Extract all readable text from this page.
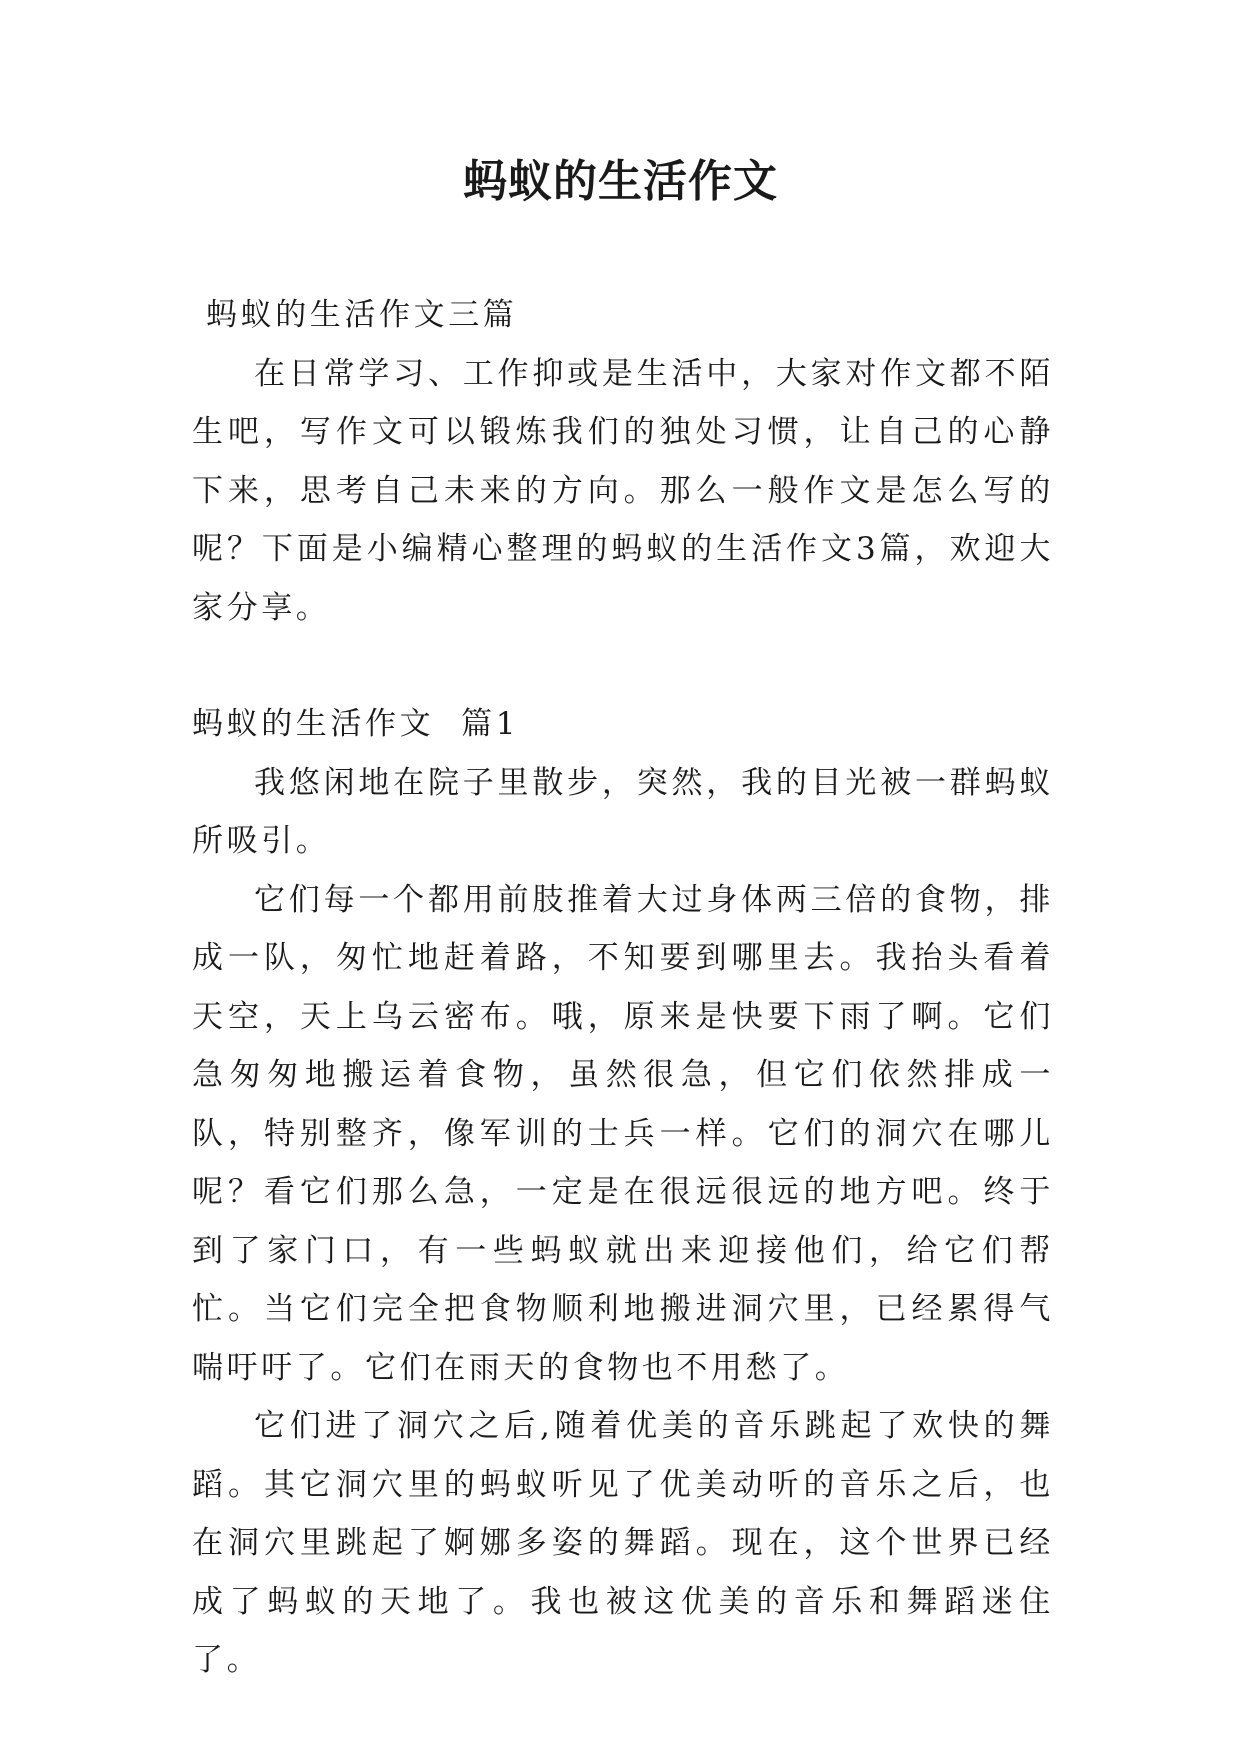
蚂蚁的生活作文

蚂蚁的生活作文三篇

在日常学习、工作抑或是生活中，大家对作文都不陌生吧，写作文可以锻炼我们的独处习惯，让自己的心静下来，思考自己未来的方向。那么一般作文是怎么写的呢？下面是小编精心整理的蚂蚁的生活作文3篇，欢迎大家分享。

蚂蚁的生活作文  篇1

我悠闲地在院子里散步，突然，我的目光被一群蚂蚁所吸引。

它们每一个都用前肢推着大过身体两三倍的食物，排成一队，匆忙地赶着路，不知要到哪里去。我抬头看着天空，天上乌云密布。哦，原来是快要下雨了啊。它们急匆匆地搬运着食物，虽然很急，但它们依然排成一队，特别整齐，像军训的士兵一样。它们的洞穴在哪儿呢？看它们那么急，一定是在很远很远的地方吧。终于到了家门口，有一些蚂蚁就出来迎接他们，给它们帮忙。当它们完全把食物顺利地搬进洞穴里，已经累得气喘吁吁了。它们在雨天的食物也不用愁了。

它们进了洞穴之后,随着优美的音乐跳起了欢快的舞蹈。其它洞穴里的蚂蚁听见了优美动听的音乐之后，也在洞穴里跳起了婀娜多姿的舞蹈。现在，这个世界已经成了蚂蚁的天地了。我也被这优美的音乐和舞蹈迷住了。
